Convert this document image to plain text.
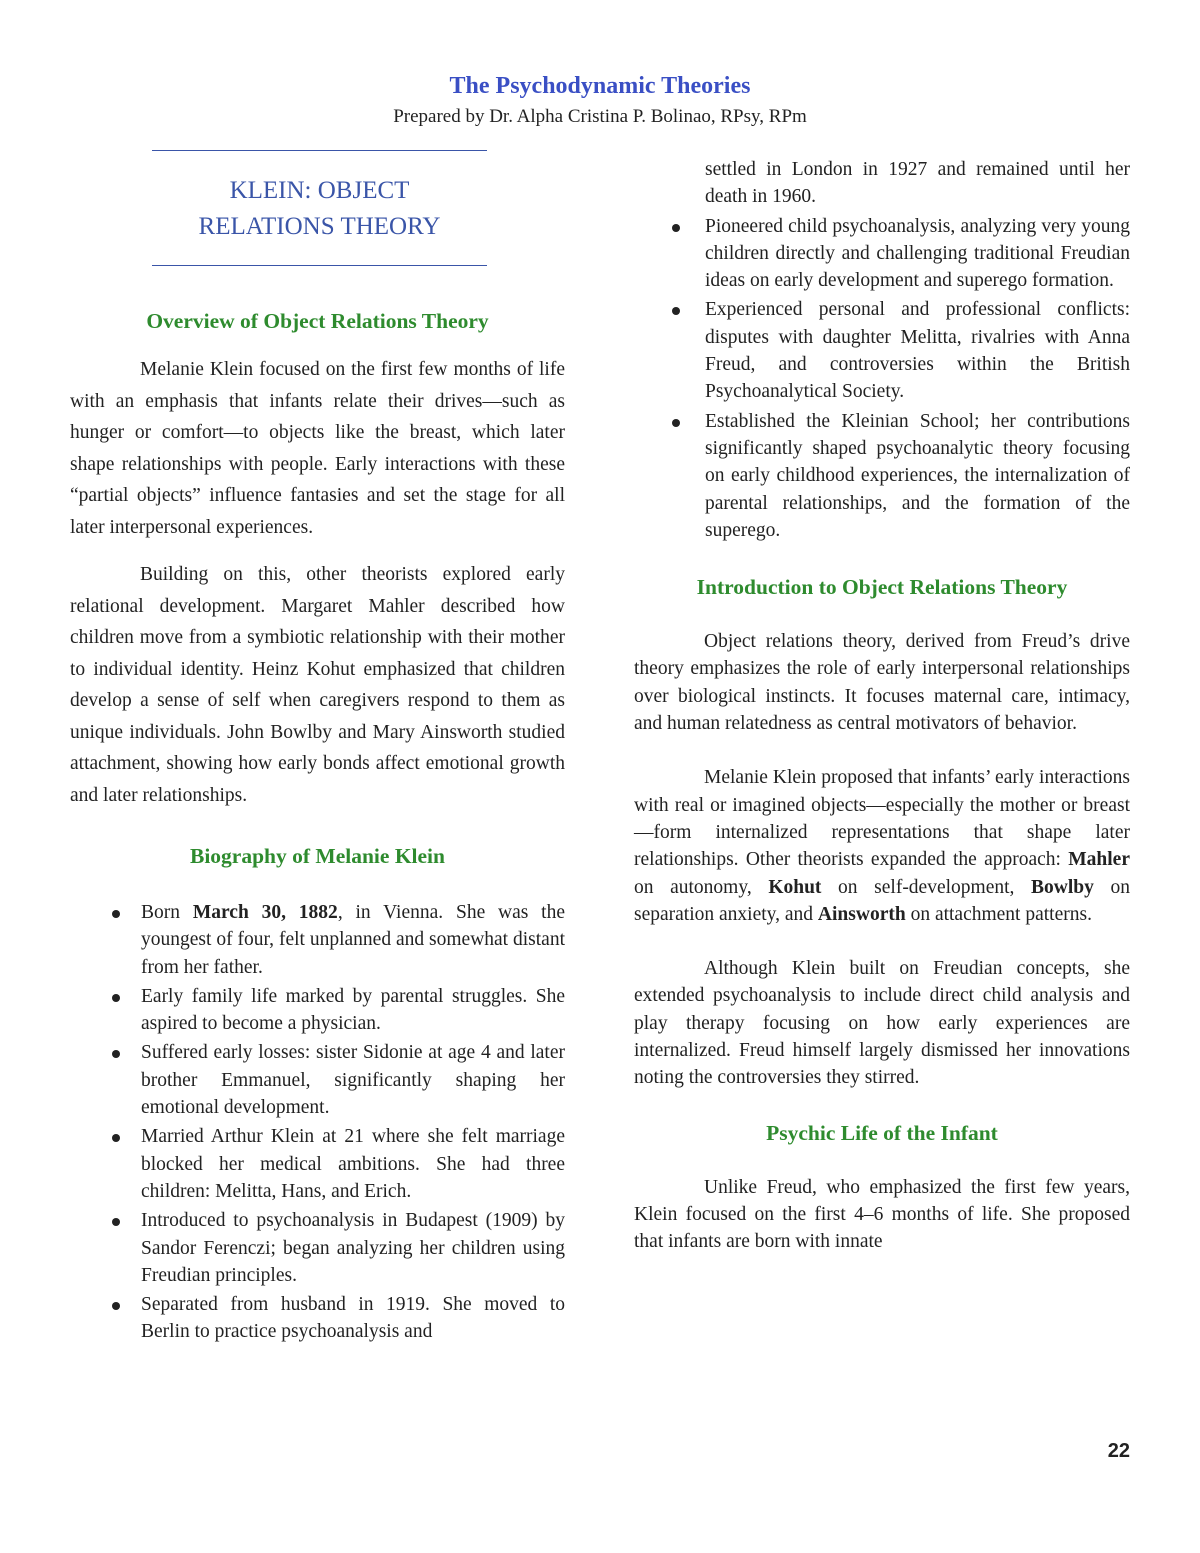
The Psychodynamic Theories
Prepared by Dr. Alpha Cristina P. Bolinao, RPsy, RPm
KLEIN: OBJECT
RELATIONS THEORY
Overview of Object Relations Theory

Melanie Klein focused on the first few months of life with an emphasis that infants relate their drives—such as hunger or comfort—to objects like the breast, which later shape relationships with people. Early interactions with these “partial objects” influence fantasies and set the stage for all later interpersonal experiences.

Building on this, other theorists explored early relational development. Margaret Mahler described how children move from a symbiotic relationship with their mother to individual identity. Heinz Kohut emphasized that children develop a sense of self when caregivers respond to them as unique individuals. John Bowlby and Mary Ainsworth studied attachment, showing how early bonds affect emotional growth and later relationships.

Biography of Melanie Klein
Born March 30, 1882, in Vienna. She was the youngest of four, felt unplanned and somewhat distant from her father.
Early family life marked by parental struggles. She aspired to become a physician.
Suffered early losses: sister Sidonie at age 4 and later brother Emmanuel, significantly shaping her emotional development.
Married Arthur Klein at 21 where she felt marriage blocked her medical ambitions. She had three children: Melitta, Hans, and Erich.
Introduced to psychoanalysis in Budapest (1909) by Sandor Ferenczi; began analyzing her children using Freudian principles.
Separated from husband in 1919. She moved to Berlin to practice psychoanalysis and
settled in London in 1927 and remained until her death in 1960.
Pioneered child psychoanalysis, analyzing very young children directly and challenging traditional Freudian ideas on early development and superego formation.
Experienced personal and professional conflicts: disputes with daughter Melitta, rivalries with Anna Freud, and controversies within the British Psychoanalytical Society.
Established the Kleinian School; her contributions significantly shaped psychoanalytic theory focusing on early childhood experiences, the internalization of parental relationships, and the formation of the superego.
Introduction to Object Relations Theory

Object relations theory, derived from Freud’s drive theory emphasizes the role of early interpersonal relationships over biological instincts. It focuses maternal care, intimacy, and human relatedness as central motivators of behavior.

Melanie Klein proposed that infants’ early interactions with real or imagined objects—especially the mother or breast—form internalized representations that shape later relationships. Other theorists expanded the approach: Mahler on autonomy, Kohut on self-development, Bowlby on separation anxiety, and Ainsworth on attachment patterns.

Although Klein built on Freudian concepts, she extended psychoanalysis to include direct child analysis and play therapy focusing on how early experiences are internalized. Freud himself largely dismissed her innovations noting the controversies they stirred.

Psychic Life of the Infant

Unlike Freud, who emphasized the first few years, Klein focused on the first 4–6 months of life. She proposed that infants are born with innate

22
